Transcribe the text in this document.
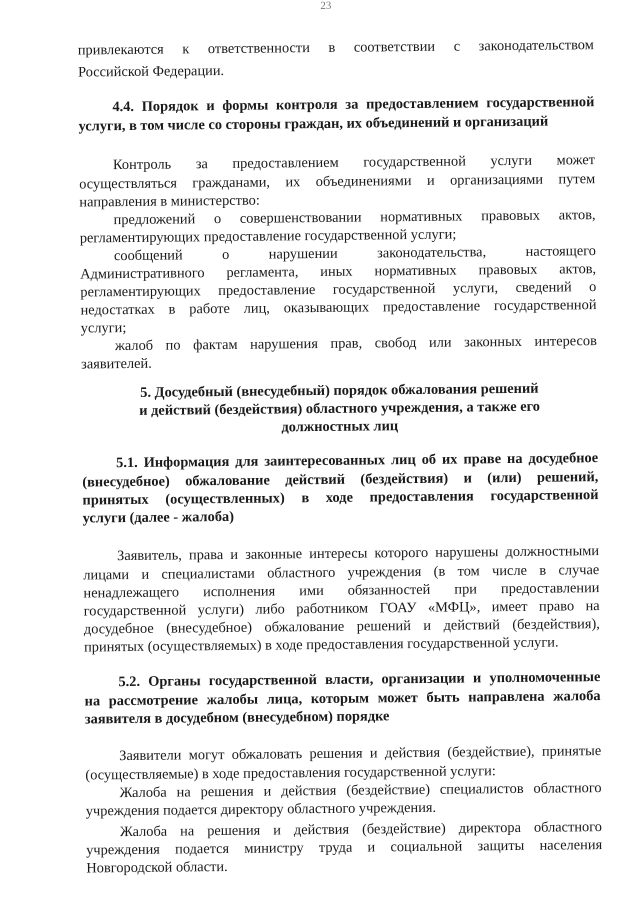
23
привлекаются к ответственности в соответствии с законодательством
Российской Федерации.
4.4. Порядок и формы контроля за предоставлением государственной
услуги, в том числе со стороны граждан, их объединений и организаций
Контроль за предоставлением государственной услуги может
осуществляться гражданами, их объединениями и организациями путем
направления в министерство:
предложений о совершенствовании нормативных правовых актов,
регламентирующих предоставление государственной услуги;
сообщений о нарушении законодательства, настоящего
Административного регламента, иных нормативных правовых актов,
регламентирующих предоставление государственной услуги, сведений о
недостатках в работе лиц, оказывающих предоставление государственной
услуги;
жалоб по фактам нарушения прав, свобод или законных интересов
заявителей.
5. Досудебный (внесудебный) порядок обжалования решений
и действий (бездействия) областного учреждения, а также его
должностных лиц
5.1. Информация для заинтересованных лиц об их праве на досудебное
(внесудебное) обжалование действий (бездействия) и (или) решений,
принятых (осуществленных) в ходе предоставления государственной
услуги (далее - жалоба)
Заявитель, права и законные интересы которого нарушены должностными
лицами и специалистами областного учреждения (в том числе в случае
ненадлежащего исполнения ими обязанностей при предоставлении
государственной услуги) либо работником ГОАУ «МФЦ», имеет право на
досудебное (внесудебное) обжалование решений и действий (бездействия),
принятых (осуществляемых) в ходе предоставления государственной услуги.
5.2. Органы государственной власти, организации и уполномоченные
на рассмотрение жалобы лица, которым может быть направлена жалоба
заявителя в досудебном (внесудебном) порядке
Заявители могут обжаловать решения и действия (бездействие), принятые
(осуществляемые) в ходе предоставления государственной услуги:
Жалоба на решения и действия (бездействие) специалистов областного
учреждения подается директору областного учреждения.
Жалоба на решения и действия (бездействие) директора областного
учреждения подается министру труда и социальной защиты населения
Новгородской области.
